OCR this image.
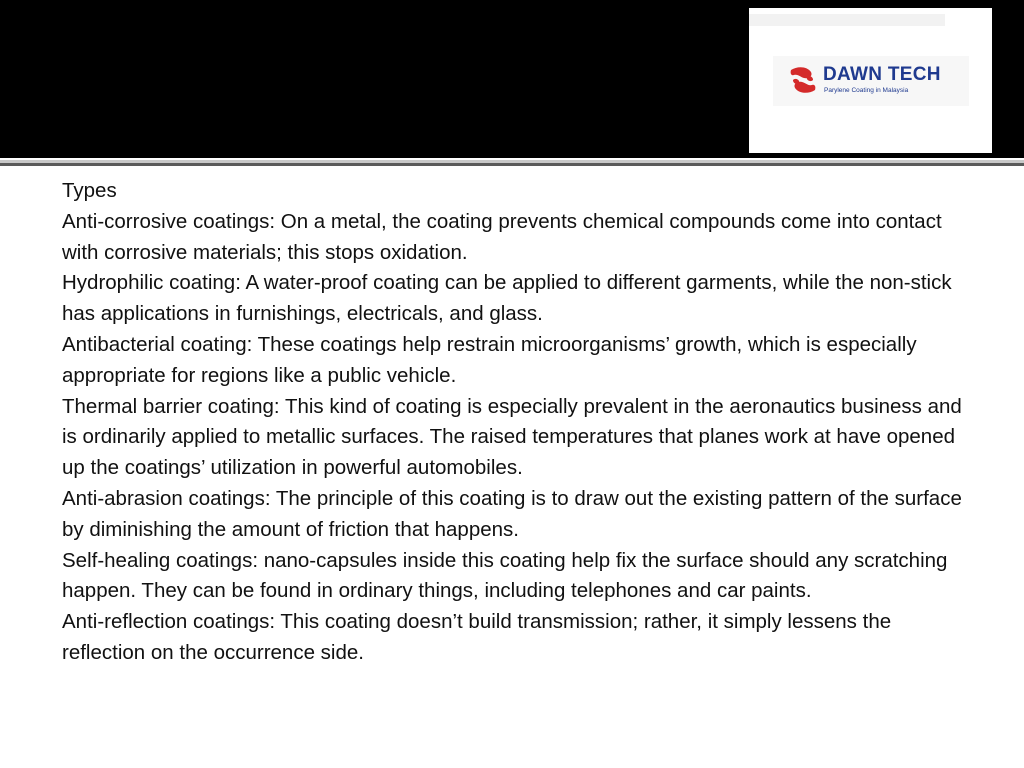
DAWN TECH
Parylene Coating in Malaysia

Types

Anti-corrosive coatings: On a metal, the coating prevents chemical compounds come into contact with corrosive materials; this stops oxidation.

Hydrophilic coating: A water-proof coating can be applied to different garments, while the non-stick has applications in furnishings, electricals, and glass.

Antibacterial coating: These coatings help restrain microorganisms’ growth, which is especially appropriate for regions like a public vehicle.

Thermal barrier coating: This kind of coating is especially prevalent in the aeronautics business and is ordinarily applied to metallic surfaces. The raised temperatures that planes work at have opened up the coatings’ utilization in powerful automobiles.

Anti-abrasion coatings: The principle of this coating is to draw out the existing pattern of the surface by diminishing the amount of friction that happens.

Self-healing coatings: nano-capsules inside this coating help fix the surface should any scratching happen. They can be found in ordinary things, including telephones and car paints.

Anti-reflection coatings: This coating doesn’t build transmission; rather, it simply lessens the reflection on the occurrence side.
